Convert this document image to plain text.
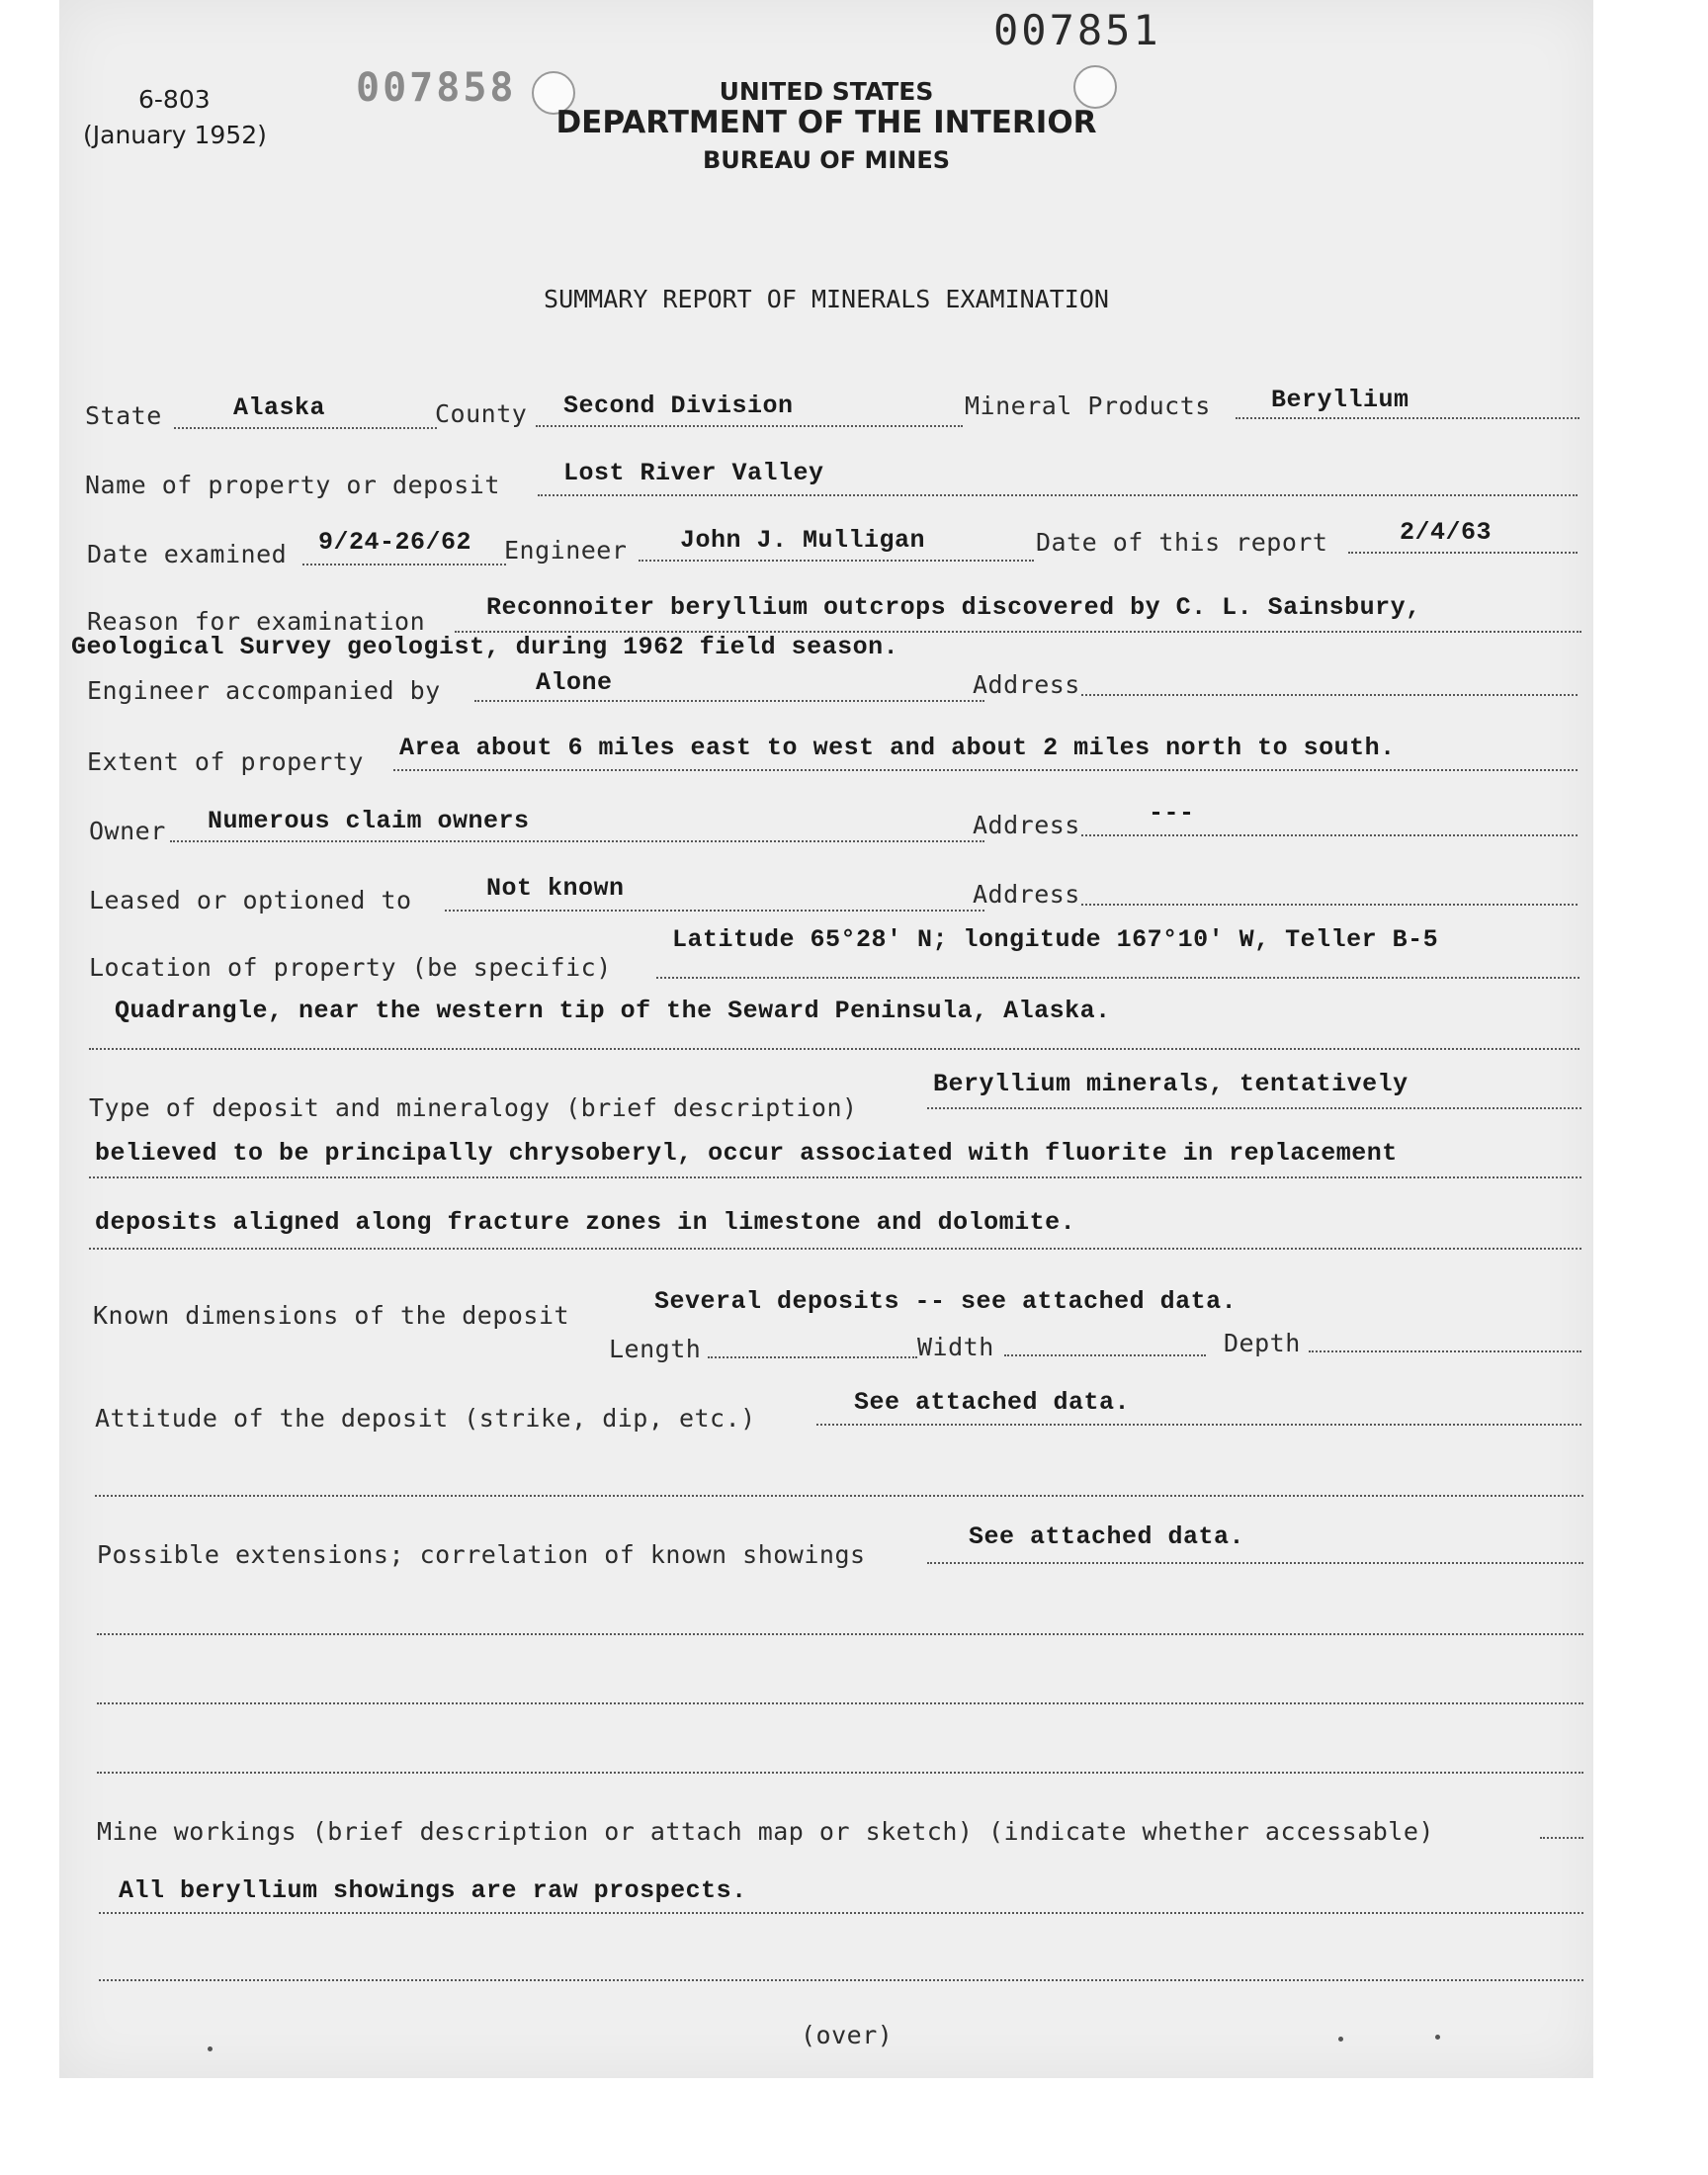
007851
007858
6-803
(January 1952)
UNITED STATES
DEPARTMENT OF THE INTERIOR
BUREAU OF MINES
SUMMARY REPORT OF MINERALS EXAMINATION
State	Alaska	County Second Division	Mineral Products Beryllium
Name of property or deposit	Lost River Valley
Date examined 9/24-26/62 Engineer John J. Mulligan	Date of this report	2/4/63
Reason for examination Reconnoiter beryllium outcrops discovered by C. L. Sainsbury,
Geological Survey geologist, during 1962 field season.
Engineer accompanied by	Alone	Address
Extent of property Area about 6 miles east to west and about 2 miles north to south.
Owner Numerous claim owners	Address	---
Leased or optioned to	Not known	Address
Location of property (be specific)
Latitude 65°28' N; longitude 167°10' W, Teller B-5
Quadrangle, near the western tip of the Seward Peninsula, Alaska.
Type of deposit and mineralogy (brief description)
Beryllium minerals, tentatively
believed to be principally chrysoberyl, occur associated with fluorite in replacement
deposits aligned along fracture zones in limestone and dolomite.
Known dimensions of the deposit	Several deposits -- see attached data.
Length	Width	Depth
Attitude of the deposit (strike, dip, etc.)
See attached data.
Possible extensions; correlation of known showings
See attached data.
Mine workings (brief description or attach map or sketch) (indicate whether accessable)
All beryllium showings are raw prospects.
(over)
